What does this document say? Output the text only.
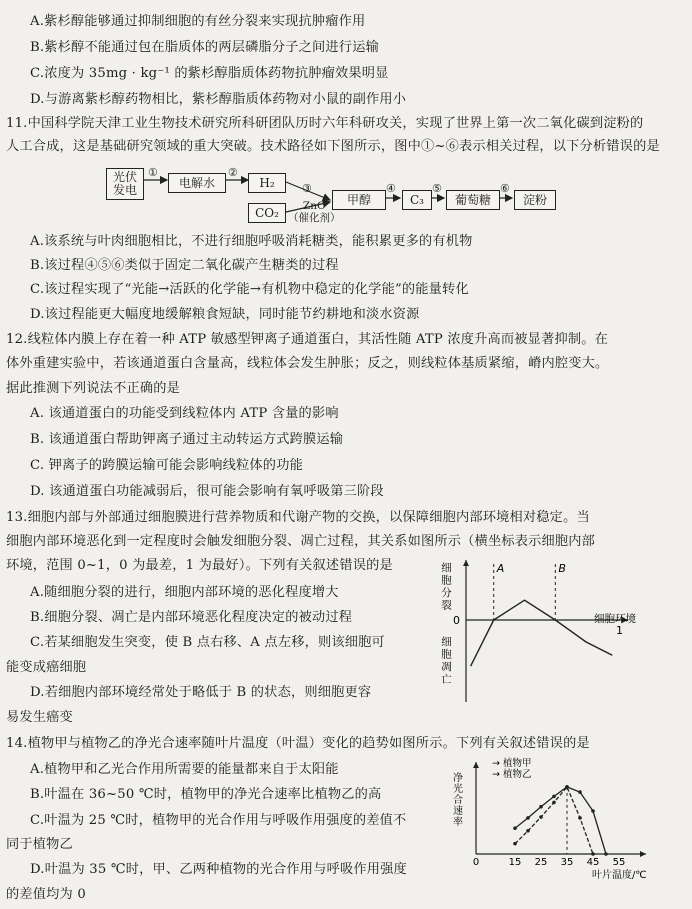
A.紫杉醇能够通过抑制细胞的有丝分裂来实现抗肿瘤作用
B.紫杉醇不能通过包在脂质体的两层磷脂分子之间进行运输
C.浓度为 35mg · kg⁻¹ 的紫杉醇脂质体药物抗肿瘤效果明显
D.与游离紫杉醇药物相比，紫杉醇脂质体药物对小鼠的副作用小
11.中国科学院天津工业生物技术研究所科研团队历时六年科研攻关，实现了世界上第一次二氧化碳到淀粉的
人工合成，这是基础研究领域的重大突破。技术路径如下图所示，图中①~⑥表示相关过程，以下分析错误的是
光伏
发电
①
电解水
②
H₂
CO₂
③
ZnO
（催化剂）
甲醇
④
C₃
⑤
葡萄糖
⑥
淀粉
A.该系统与叶肉细胞相比，不进行细胞呼吸消耗糖类，能积累更多的有机物
B.该过程④⑤⑥类似于固定二氧化碳产生糖类的过程
C.该过程实现了“光能→活跃的化学能→有机物中稳定的化学能”的能量转化
D.该过程能更大幅度地缓解粮食短缺，同时能节约耕地和淡水资源
12.线粒体内膜上存在着一种 ATP 敏感型钾离子通道蛋白，其活性随 ATP 浓度升高而被显著抑制。在
体外重建实验中，若该通道蛋白含量高，线粒体会发生肿胀；反之，则线粒体基质紧缩，嵴内腔变大。
据此推测下列说法不正确的是
A. 该通道蛋白的功能受到线粒体内 ATP 含量的影响
B. 该通道蛋白帮助钾离子通过主动转运方式跨膜运输
C. 钾离子的跨膜运输可能会影响线粒体的功能
D. 该通道蛋白功能减弱后，很可能会影响有氧呼吸第三阶段
13.细胞内部与外部通过细胞膜进行营养物质和代谢产物的交换，以保障细胞内部环境相对稳定。当
细胞内部环境恶化到一定程度时会触发细胞分裂、凋亡过程，其关系如图所示（横坐标表示细胞内部
环境，范围 0~1，0 为最差，1 为最好）。下列有关叙述错误的是
A.随细胞分裂的进行，细胞内部环境的恶化程度增大
B.细胞分裂、凋亡是内部环境恶化程度决定的被动过程
C.若某细胞发生突变，使 B 点右移、A 点左移，则该细胞可
能变成癌细胞
D.若细胞内部环境经常处于略低于 B 的状态，则细胞更容
易发生癌变
0
1
细胞环境
细胞分裂
细胞凋亡
A	B
14.植物甲与植物乙的净光合速率随叶片温度（叶温）变化的趋势如图所示。下列有关叙述错误的是
A.植物甲和乙光合作用所需要的能量都来自于太阳能
B.叶温在 36~50 ℃时，植物甲的净光合速率比植物乙的高
C.叶温为 25 ℃时，植物甲的光合作用与呼吸作用强度的差值不
同于植物乙
D.叶温为 35 ℃时，甲、乙两种植物的光合作用与呼吸作用强度
的差值均为 0
0	15 25 35 45 55
叶片温度/℃
净光合速率
→ 植物甲
→ 植物乙
